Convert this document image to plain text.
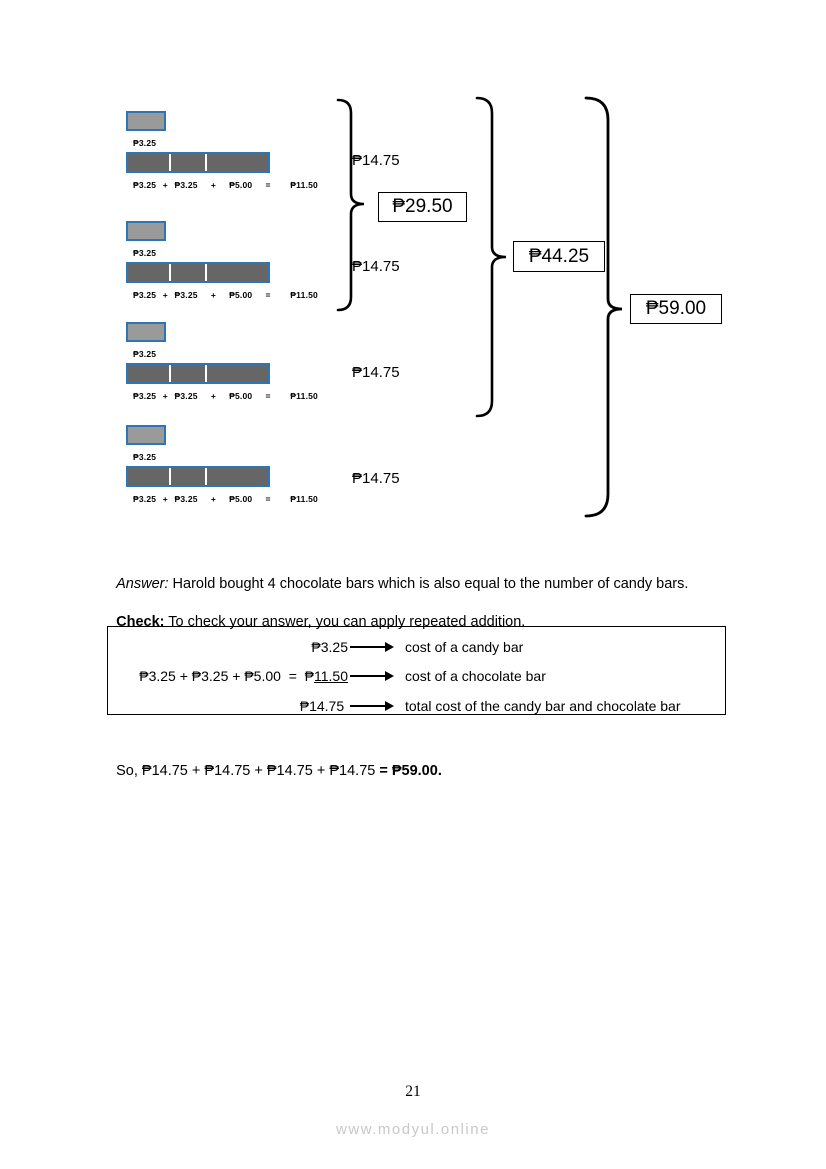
₱3.25
₱3.25 + ₱3.25  +  ₱5.00  =   ₱11.50
₱3.25
₱3.25 + ₱3.25  +  ₱5.00  =   ₱11.50
₱3.25
₱3.25 + ₱3.25  +  ₱5.00  =   ₱11.50
₱3.25
₱3.25 + ₱3.25  +  ₱5.00  =   ₱11.50
₱14.75
₱14.75
₱14.75
₱14.75
₱29.50
₱44.25
₱59.00

Answer: Harold bought 4 chocolate bars which is also equal to the number of candy bars.

Check: To check your answer, you can apply repeated addition.

₱3.25	cost of a candy bar
₱3.25 + ₱3.25 + ₱5.00  =  ₱11.50	cost of a chocolate bar
₱14.75	total cost of the candy bar and chocolate bar

So, ₱14.75 + ₱14.75 + ₱14.75 + ₱14.75 = ₱59.00.

21
www.modyul.online
